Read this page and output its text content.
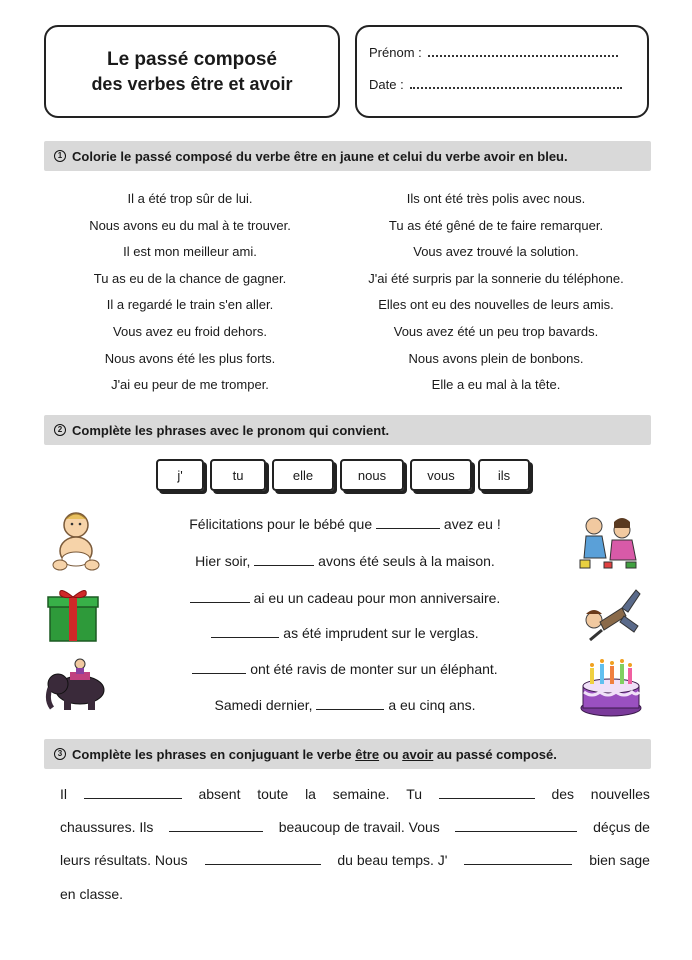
Le passé composé
des verbes être et avoir
Prénom :
Date :
1 Colorie le passé composé du verbe être en jaune et celui du verbe avoir en bleu.
Il a été trop sûr de lui.
Nous avons eu du mal à te trouver.
Il est mon meilleur ami.
Tu as eu de la chance de gagner.
Il a regardé le train s'en aller.
Vous avez eu froid dehors.
Nous avons été les plus forts.
J'ai eu peur de me tromper.
Ils ont été très polis avec nous.
Tu as été gêné de te faire remarquer.
Vous avez trouvé la solution.
J'ai été surpris par la sonnerie du téléphone.
Elles ont eu des nouvelles de leurs amis.
Vous avez été un peu trop bavards.
Nous avons plein de bonbons.
Elle a eu mal à la tête.
2 Complète les phrases avec le pronom qui convient.
j'	tu	elle	nous	vous	ils
Félicitations pour le bébé que	avez eu !
Hier soir,	avons été seuls à la maison.
ai eu un cadeau pour mon anniversaire.
as été imprudent sur le verglas.
ont été ravis de monter sur un éléphant.
Samedi dernier,	a eu cinq ans.
3 Complète les phrases en conjuguant le verbe
être
ou
avoir
au passé composé.
Il	absent toute la semaine. Tu	des nouvelles
chaussures. Ils	beaucoup de travail. Vous	déçus de
leurs résultats. Nous	du beau temps. J'	bien sage
en classe.
